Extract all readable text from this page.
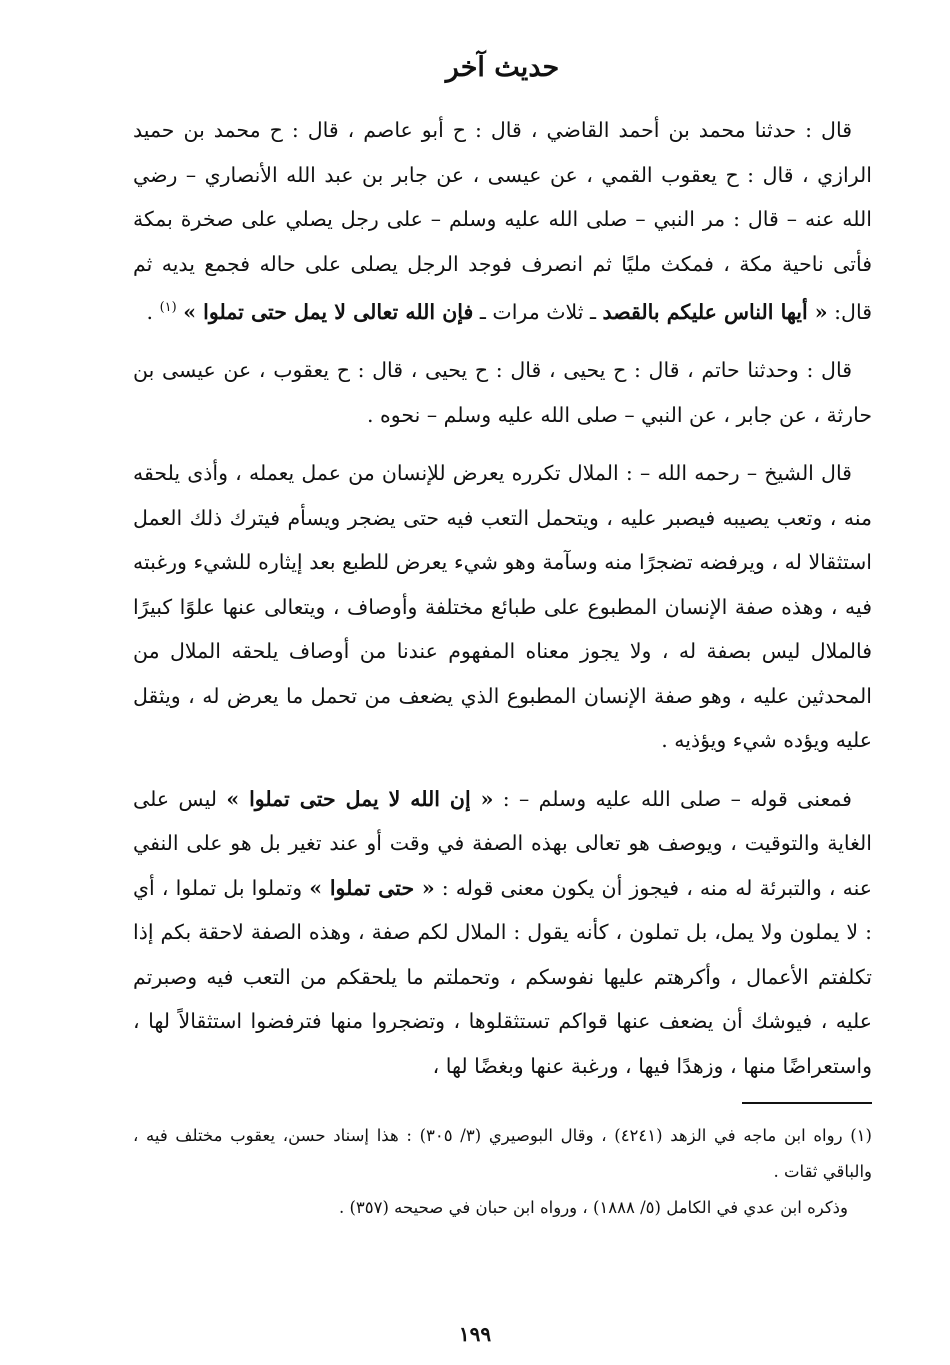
حديث آخر

قال : حدثنا محمد بن أحمد القاضي ، قال : ح أبو عاصم ، قال : ح محمد بن حميد الرازي ، قال : ح يعقوب القمي ، عن عيسى ، عن جابر بن عبد الله الأنصاري – رضي الله عنه – قال : مر النبي – صلى الله عليه وسلم – على رجل يصلي على صخرة بمكة فأتى ناحية مكة ، فمكث مليًا ثم انصرف فوجد الرجل يصلى على حاله فجمع يديه ثم قال: « أيها الناس عليكم بالقصد ـ ثلاث مرات ـ فإن الله تعالى لا يمل حتى تملوا » $^{(١)}$ .

قال : وحدثنا حاتم ، قال : ح يحيى ، قال : ح يحيى ، قال : ح يعقوب ، عن عيسى بن حارثة ، عن جابر ، عن النبي – صلى الله عليه وسلم – نحوه .

قال الشيخ – رحمه الله – : الملال تكرره يعرض للإنسان من عمل يعمله ، وأذى يلحقه منه ، وتعب يصيبه فيصبر عليه ، ويتحمل التعب فيه حتى يضجر ويسأم فيترك ذلك العمل استثقالا له ، ويرفضه تضجرًا منه وسآمة وهو شيء يعرض للطبع بعد إيثاره للشيء ورغبته فيه ، وهذه صفة الإنسان المطبوع على طبائع مختلفة وأوصاف ، ويتعالى عنها علوًا كبيرًا فالملال ليس بصفة له ، ولا يجوز معناه المفهوم عندنا من أوصاف يلحقه الملال من المحدثين عليه ، وهو صفة الإنسان المطبوع الذي يضعف من تحمل ما يعرض له ، ويثقل عليه ويؤده شيء ويؤذيه .

فمعنى قوله – صلى الله عليه وسلم – : « إن الله لا يمل حتى تملوا » ليس على الغاية والتوقيت ، ويوصف هو تعالى بهذه الصفة في وقت أو عند تغير بل هو على النفي عنه ، والتبرئة له منه ، فيجوز أن يكون معنى قوله : « حتى تملوا » وتملوا بل تملوا ، أي : لا يملون ولا يمل، بل تملون ، كأنه يقول : الملال لكم صفة ، وهذه الصفة لاحقة بكم إذا تكلفتم الأعمال ، وأكرهتم عليها نفوسكم ، وتحملتم ما يلحقكم من التعب فيه وصبرتم عليه ، فيوشك أن يضعف عنها قواكم تستثقلوها ، وتضجروا منها فترفضوا استثقالاً لها ، واستعراضًا منها ، وزهدًا فيها ، ورغبة عنها وبغضًا لها ،

(١) رواه ابن ماجه في الزهد (٤٢٤١) ، وقال البوصيري (٣/ ٣٠٥) : هذا إسناد حسن، يعقوب مختلف فيه ، والباقي ثقات .

وذكره ابن عدي في الكامل (٥/ ١٨٨٨) ، ورواه ابن حبان في صحيحه (٣٥٧) .

١٩٩
